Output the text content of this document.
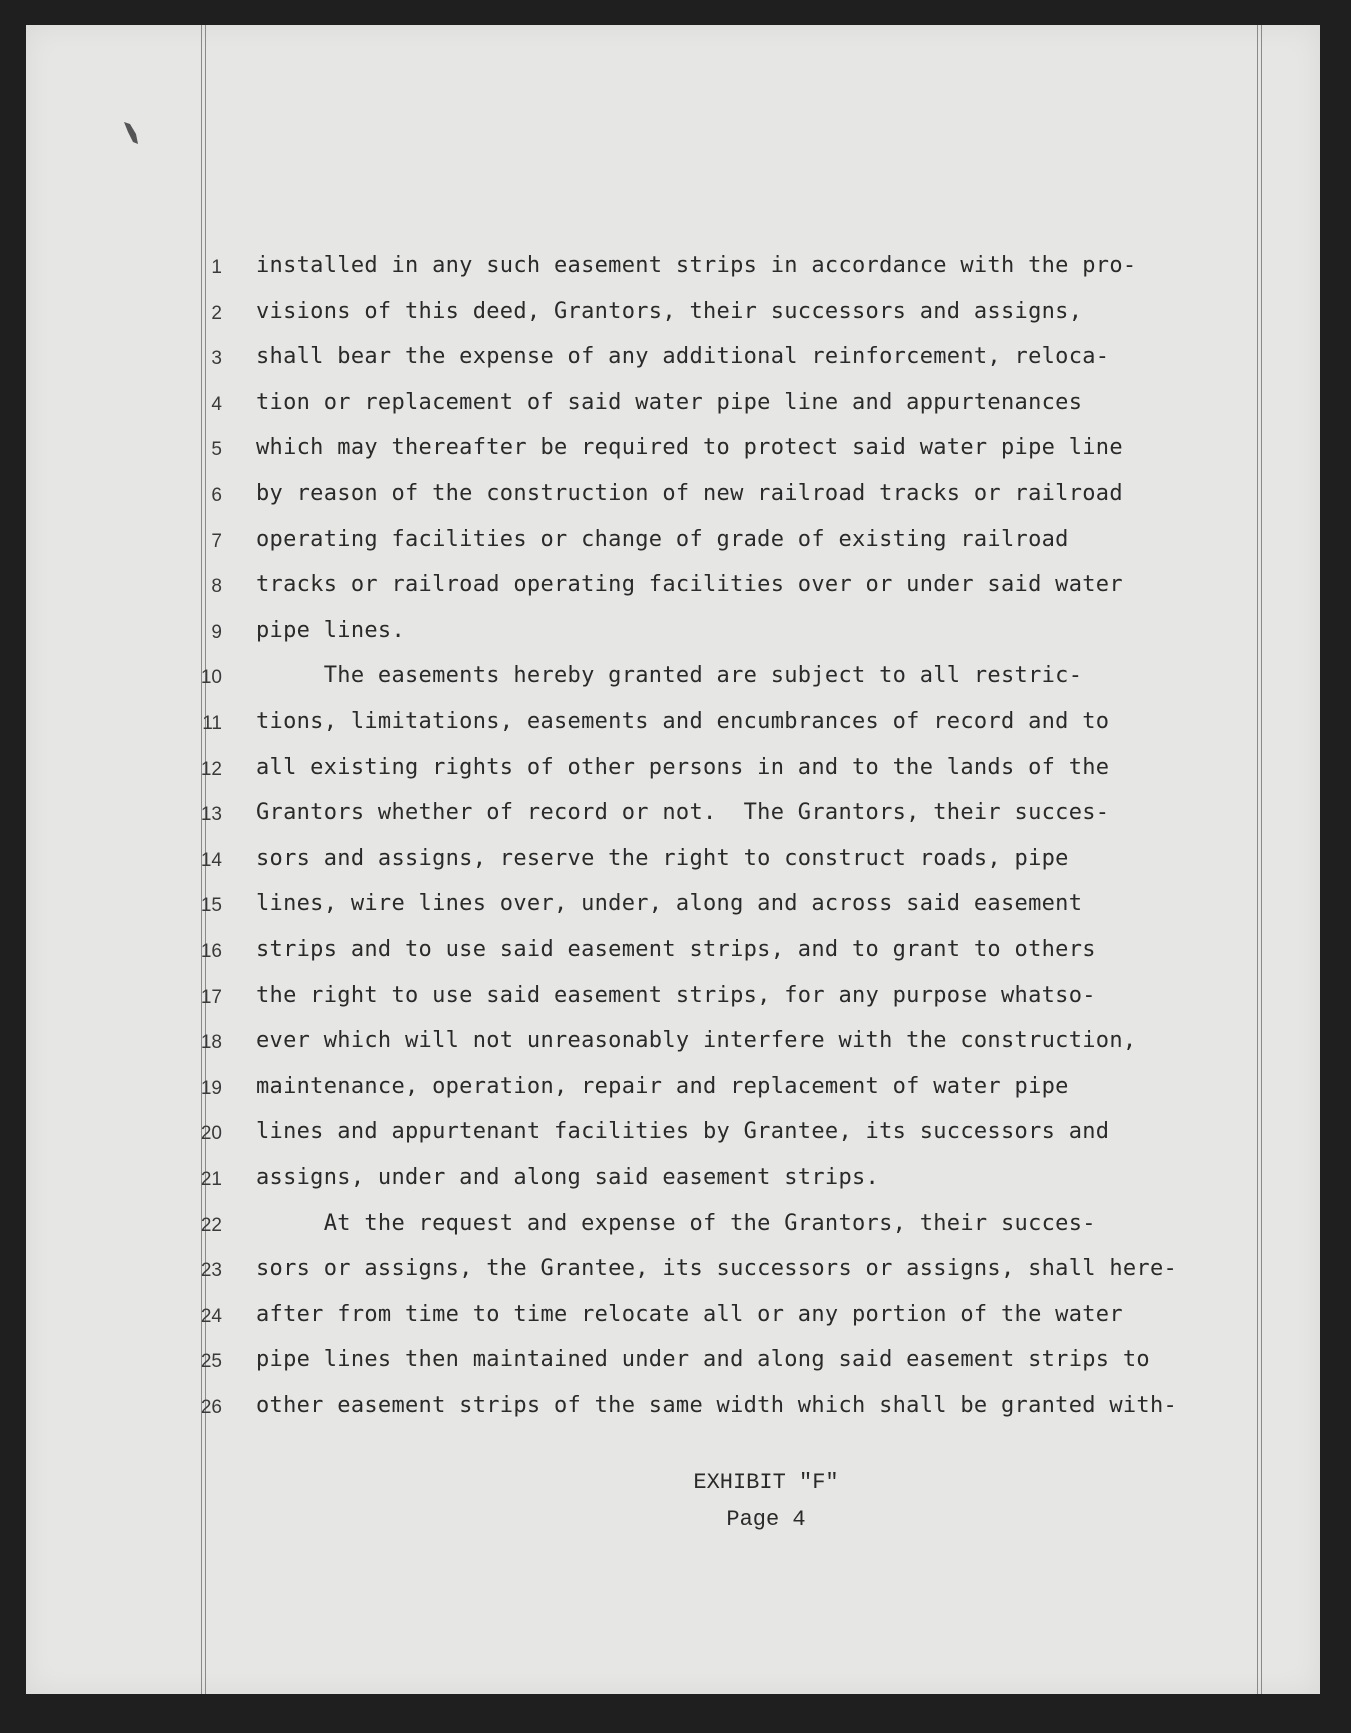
1 installed in any such easement strips in accordance with the pro-
2 visions of this deed, Grantors, their successors and assigns,
3 shall bear the expense of any additional reinforcement, reloca-
4 tion or replacement of said water pipe line and appurtenances
5 which may thereafter be required to protect said water pipe line
6 by reason of the construction of new railroad tracks or railroad
7 operating facilities or change of grade of existing railroad
8 tracks or railroad operating facilities over or under said water
9 pipe lines.
10 The easements hereby granted are subject to all restric-
11 tions, limitations, easements and encumbrances of record and to
12 all existing rights of other persons in and to the lands of the
13 Grantors whether of record or not.  The Grantors, their succes-
14 sors and assigns, reserve the right to construct roads, pipe
15 lines, wire lines over, under, along and across said easement
16 strips and to use said easement strips, and to grant to others
17 the right to use said easement strips, for any purpose whatso-
18 ever which will not unreasonably interfere with the construction,
19 maintenance, operation, repair and replacement of water pipe
20 lines and appurtenant facilities by Grantee, its successors and
21 assigns, under and along said easement strips.
22 At the request and expense of the Grantors, their succes-
23 sors or assigns, the Grantee, its successors or assigns, shall here-
24 after from time to time relocate all or any portion of the water
25 pipe lines then maintained under and along said easement strips to
26 other easement strips of the same width which shall be granted with-
EXHIBIT "F"
Page 4
